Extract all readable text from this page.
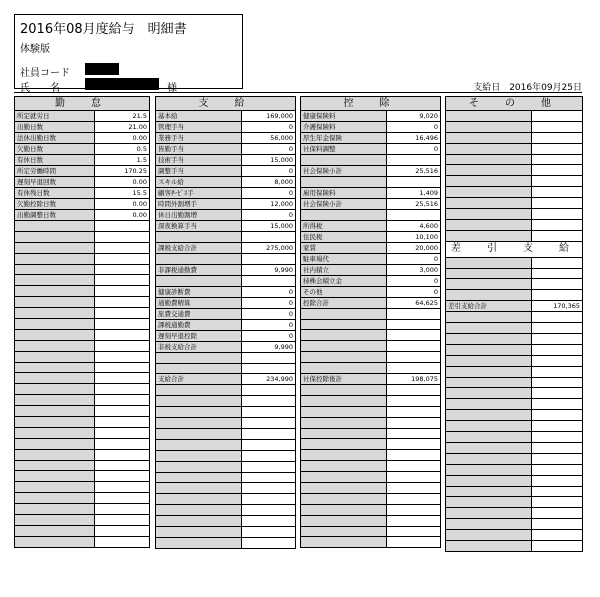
2016年08月度給与　明細書
体験版
社員コード
氏　　名	様	支給日　2016年09月25日
勤　怠	
所定就労日	21.5
出勤日数	21.00
法休出勤日数	0.00
欠勤日数	0.5
有休日数	1.5
所定労働時間	170.25
遅刻早退回数	0.00
有休残日数	15.5
欠勤控除日数	0.00
出勤調整日数	0.00

支　給	
基本給	169,000
管理手当	0
業務手当	56,000
皆勤手当	0
技術手当	15,000
調整手当	0
スキル給	8,000
顧客ｻｰﾋﾞｽ手	0
時間外割増手	12,000
休日出勤割増	0
深夜換算手当	15,000

課税支給合計	275,000

非課税通勤費	9,990

健康診断費	0
通勤費精算	0
旅費交通費	0
課税通勤費	0
遅刻早退控除	0
非税支給合計	9,990

支給合計	234,990

控　除	
健康保険料	9,020
介護保険料	0
厚生年金保険	16,496
社保料調整	0

社会保険小計	25,516

雇用保険料	1,409
社会保険小計	25,516

所得税	4,600
住民税	10,100
家賃	20,000
駐車場代	0
社内積立	3,000
持株会積立金	0
その他	0
控除合計	64,625

社保控除後計	198,075

そ　の　他	

差　引　支　給	

差引支給合計	170,365
